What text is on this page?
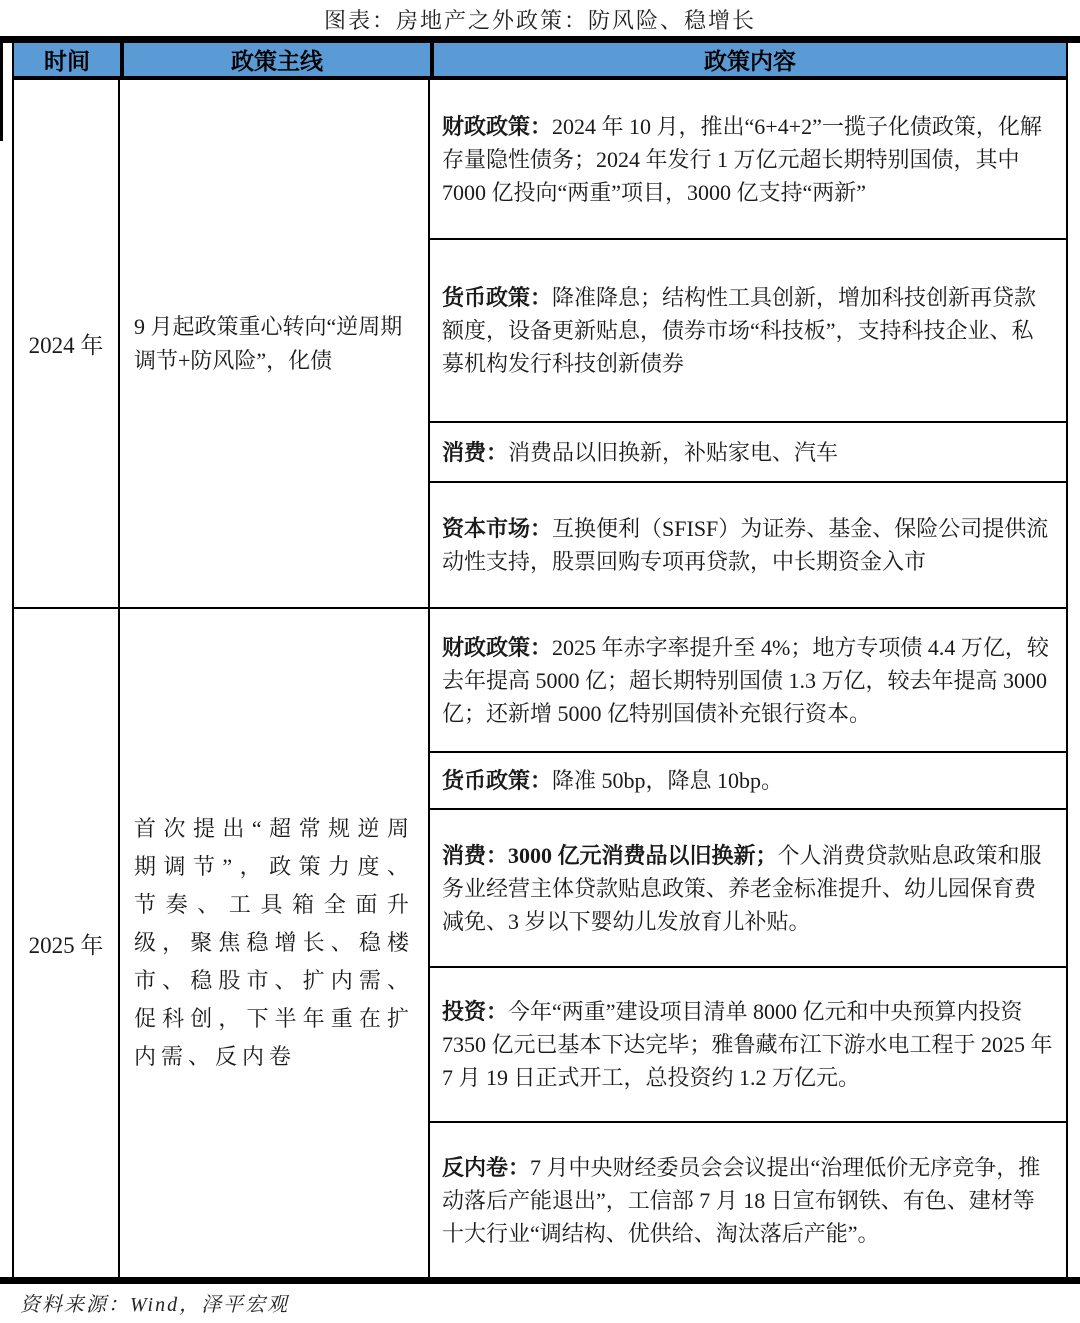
图表：房地产之外政策：防风险、稳增长
时间	政策主线	政策内容
2024 年
9 月起政策重心转向“逆周期调节+防风险”，化债

财政政策：2024 年 10 月，推出“6+4+2”一揽子化债政策，化解存量隐性债务；2024 年发行 1 万亿元超长期特别国债，其中 7000 亿投向“两重”项目，3000 亿支持“两新”

货币政策：降准降息；结构性工具创新，增加科技创新再贷款额度，设备更新贴息，债券市场“科技板”，支持科技企业、私募机构发行科技创新债券

消费：消费品以旧换新，补贴家电、汽车

资本市场：互换便利（SFISF）为证券、基金、保险公司提供流动性支持，股票回购专项再贷款，中长期资金入市

2025 年
首次提出“超常规逆周期调节”，政策力度、节奏、工具箱全面升级，聚焦稳增长、稳楼市、稳股市、扩内需、促科创，下半年重在扩内需、反内卷

财政政策：2025 年赤字率提升至 4%；地方专项债 4.4 万亿，较去年提高 5000 亿；超长期特别国债 1.3 万亿，较去年提高 3000 亿；还新增 5000 亿特别国债补充银行资本。

货币政策：降准 50bp，降息 10bp。

消费：3000 亿元消费品以旧换新；个人消费贷款贴息政策和服务业经营主体贷款贴息政策、养老金标准提升、幼儿园保育费减免、3 岁以下婴幼儿发放育儿补贴。

投资：今年“两重”建设项目清单 8000 亿元和中央预算内投资 7350 亿元已基本下达完毕；雅鲁藏布江下游水电工程于 2025 年 7 月 19 日正式开工，总投资约 1.2 万亿元。

反内卷：7 月中央财经委员会会议提出“治理低价无序竞争，推动落后产能退出”，工信部 7 月 18 日宣布钢铁、有色、建材等十大行业“调结构、优供给、淘汰落后产能”。

资料来源：Wind，泽平宏观
